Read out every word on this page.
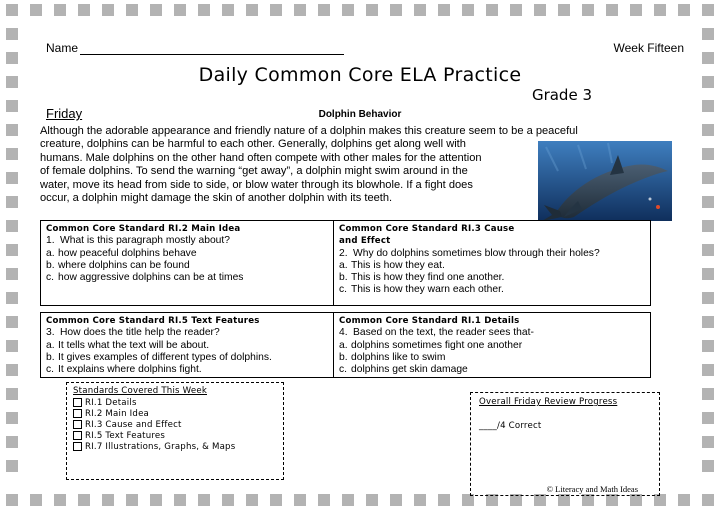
Name	Week Fifteen
Daily Common Core ELA Practice
Grade 3
Friday	Dolphin Behavior
Although the adorable appearance and friendly nature of a dolphin makes this creature seem to be a peaceful
creature, dolphins can be harmful to each other. Generally, dolphins get along well with
humans. Male dolphins on the other hand often compete with other males for the attention
of female dolphins. To send the warning “get away”, a dolphin might swim around in the
water, move its head from side to side, or blow water through its blowhole. If a fight does
occur, a dolphin might damage the skin of another dolphin with its teeth.
Common Core Standard RI.2 Main Idea
1. What is this paragraph mostly about?
a. how peaceful dolphins behave
b. where dolphins can be found
c. how aggressive dolphins can be at times
Common Core Standard RI.3 Cause
and Effect
2. Why do dolphins sometimes blow through their holes?
a. This is how they eat.
b. This is how they find one another.
c. This is how they warn each other.
Common Core Standard RI.5 Text Features
3. How does the title help the reader?
a. It tells what the text will be about.
b. It gives examples of different types of dolphins.
c. It explains where dolphins fight.
Common Core Standard RI.1 Details
4. Based on the text, the reader sees that-
a. dolphins sometimes fight one another
b. dolphins like to swim
c. dolphins get skin damage
Standards Covered This Week
RI.1 Details
RI.2 Main Idea
RI.3 Cause and Effect
RI.5 Text Features
RI.7 Illustrations, Graphs, & Maps
Overall Friday Review Progress
____/4 Correct
© Literacy and Math Ideas
